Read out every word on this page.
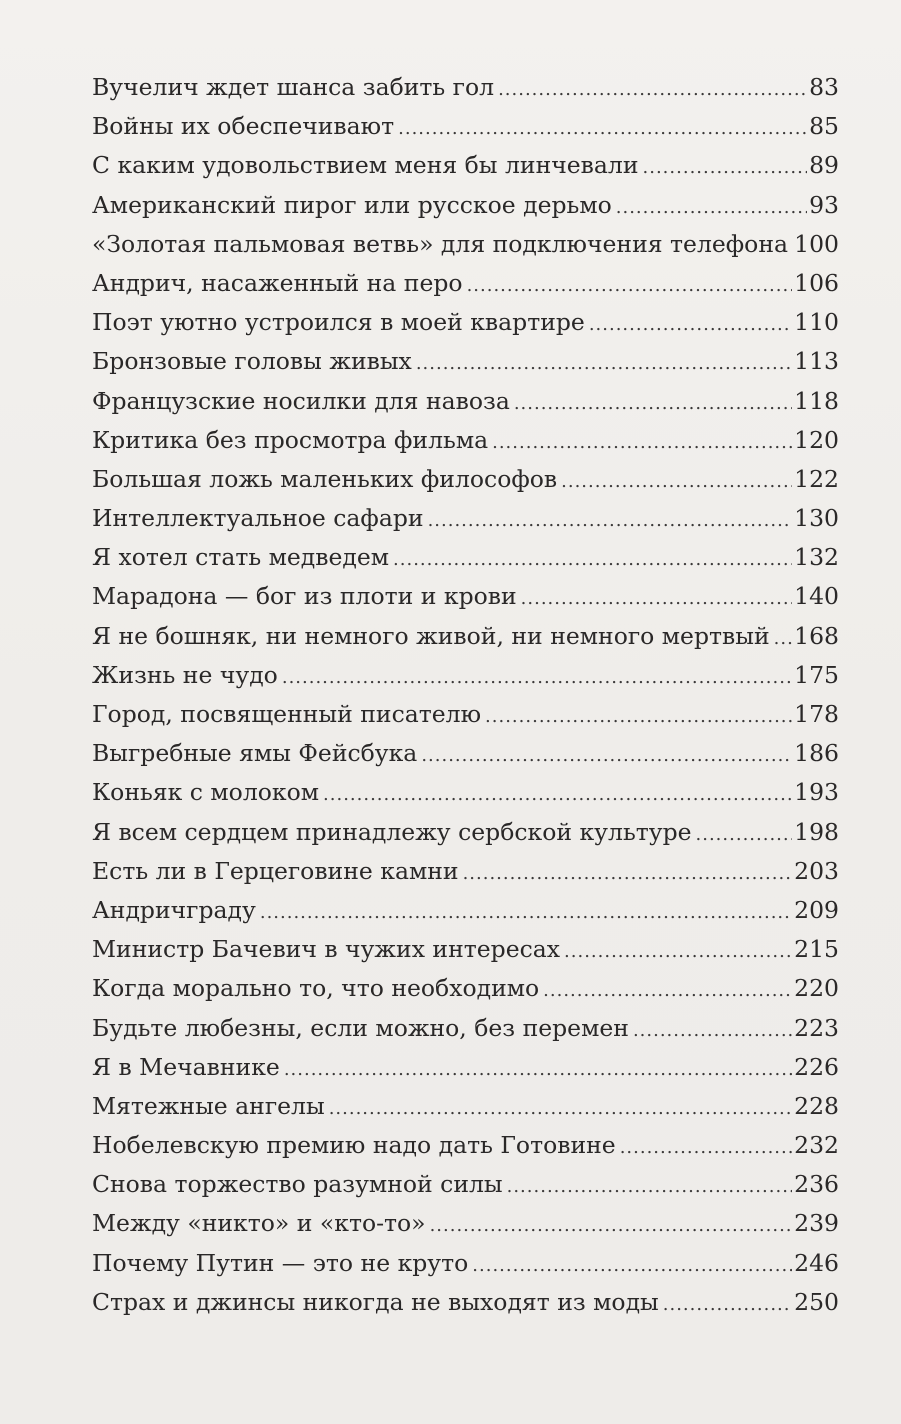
Вучелич ждет шанса забить гол .....	83
Войны их обеспечивают .....	85
С каким удовольствием меня бы линчевали .....	89
Американский пирог или русское дерьмо .....	93
«Золотая пальмовая ветвь» для подключения телефона ..... 100
Андрич, насаженный на перо .....	106
Поэт уютно устроился в моей квартире .....	110
Бронзовые головы живых .....	113
Французские носилки для навоза .....	118
Критика без просмотра фильма .....	120
Большая ложь маленьких философов .....	122
Интеллектуальное сафари .....	130
Я хотел стать медведем .....	132
Марадона — бог из плоти и крови .....	140
Я не бошняк, ни немного живой, ни немного мертвый ..... 168
Жизнь не чудо .....	175
Город, посвященный писателю .....	178
Выгребные ямы Фейсбука .....	186
Коньяк с молоком .....	193
Я всем сердцем принадлежу сербской культуре .....	198
Есть ли в Герцеговине камни .....	203
Андричграду .....	209
Министр Бачевич в чужих интересах .....	215
Когда морально то, что необходимо .....	220
Будьте любезны, если можно, без перемен .....	223
Я в Мечавнике .....	226
Мятежные ангелы .....	228
Нобелевскую премию надо дать Готовине .....	232
Снова торжество разумной силы .....	236
Между «никто» и «кто-то» .....	239
Почему Путин — это не круто .....	246
Страх и джинсы никогда не выходят из моды .....	250
